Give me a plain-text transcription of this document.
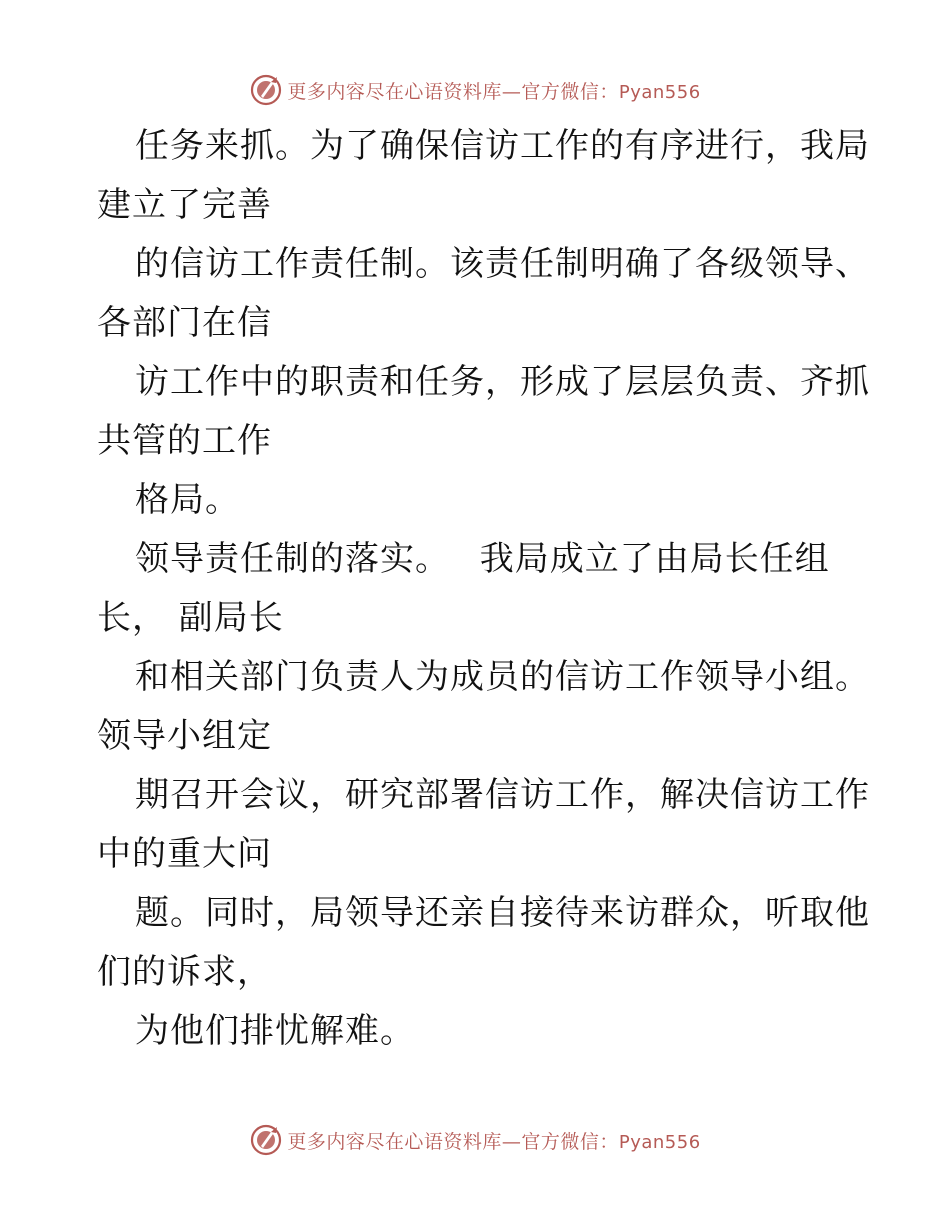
更多内容尽在心语资料库—官方微信：Pyan556
任务来抓。为了确保信访工作的有序进行，我局
建立了完善
的信访工作责任制。该责任制明确了各级领导、
各部门在信
访工作中的职责和任务，形成了层层负责、齐抓
共管的工作
格局。
领导责任制的落实。　 我局成立了由局长任组
长， 副局长
和相关部门负责人为成员的信访工作领导小组。
领导小组定
期召开会议，研究部署信访工作，解决信访工作
中的重大问
题。同时，局领导还亲自接待来访群众，听取他
们的诉求，
为他们排忧解难。
更多内容尽在心语资料库—官方微信：Pyan556
